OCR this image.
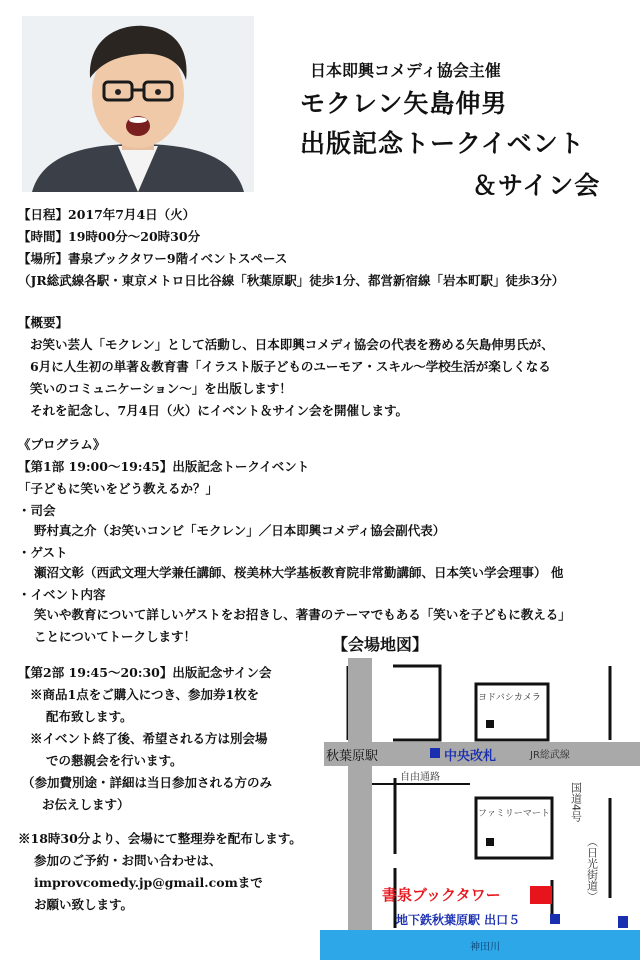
日本即興コメディ協会主催
モクレン矢島伸男
出版記念トークイベント
＆サイン会
【日程】2017年7月4日（火）
【時間】19時00分〜20時30分
【場所】書泉ブックタワー9階イベントスペース
（JR総武線各駅・東京メトロ日比谷線「秋葉原駅」徒歩1分、都営新宿線「岩本町駅」徒歩3分）
【概要】
お笑い芸人「モクレン」として活動し、日本即興コメディ協会の代表を務める矢島伸男氏が、
6月に人生初の単著＆教育書「イラスト版子どものユーモア・スキル〜学校生活が楽しくなる
笑いのコミュニケーション〜」を出版します！
それを記念し、7月4日（火）にイベント＆サイン会を開催します。
《プログラム》
【第1部 19:00〜19:45】出版記念トークイベント
「子どもに笑いをどう教えるか？」
・司会
野村真之介（お笑いコンビ「モクレン」／日本即興コメディ協会副代表）
・ゲスト
瀬沼文彰（西武文理大学兼任講師、桜美林大学基板教育院非常勤講師、日本笑い学会理事） 他
・イベント内容
笑いや教育について詳しいゲストをお招きし、著書のテーマでもある「笑いを子どもに教える」
ことについてトークします！
【第2部 19:45〜20:30】出版記念サイン会
※商品1点をご購入につき、参加券1枚を
配布致します。
※イベント終了後、希望される方は別会場
での懇親会を行います。
（参加費別途・詳細は当日参加される方のみ
お伝えします）
※18時30分より、会場にて整理券を配布します。
参加のご予約・お問い合わせは、
improvcomedy.jp@gmail.comまで
お願い致します。
【会場地図】
秋葉原駅	中央改札	JR総武線
自由通路
ヨドバシカメラ
ファミリーマート 国道4号
（日光街道）
書泉ブックタワー
地下鉄秋葉原駅 出口５
神田川
